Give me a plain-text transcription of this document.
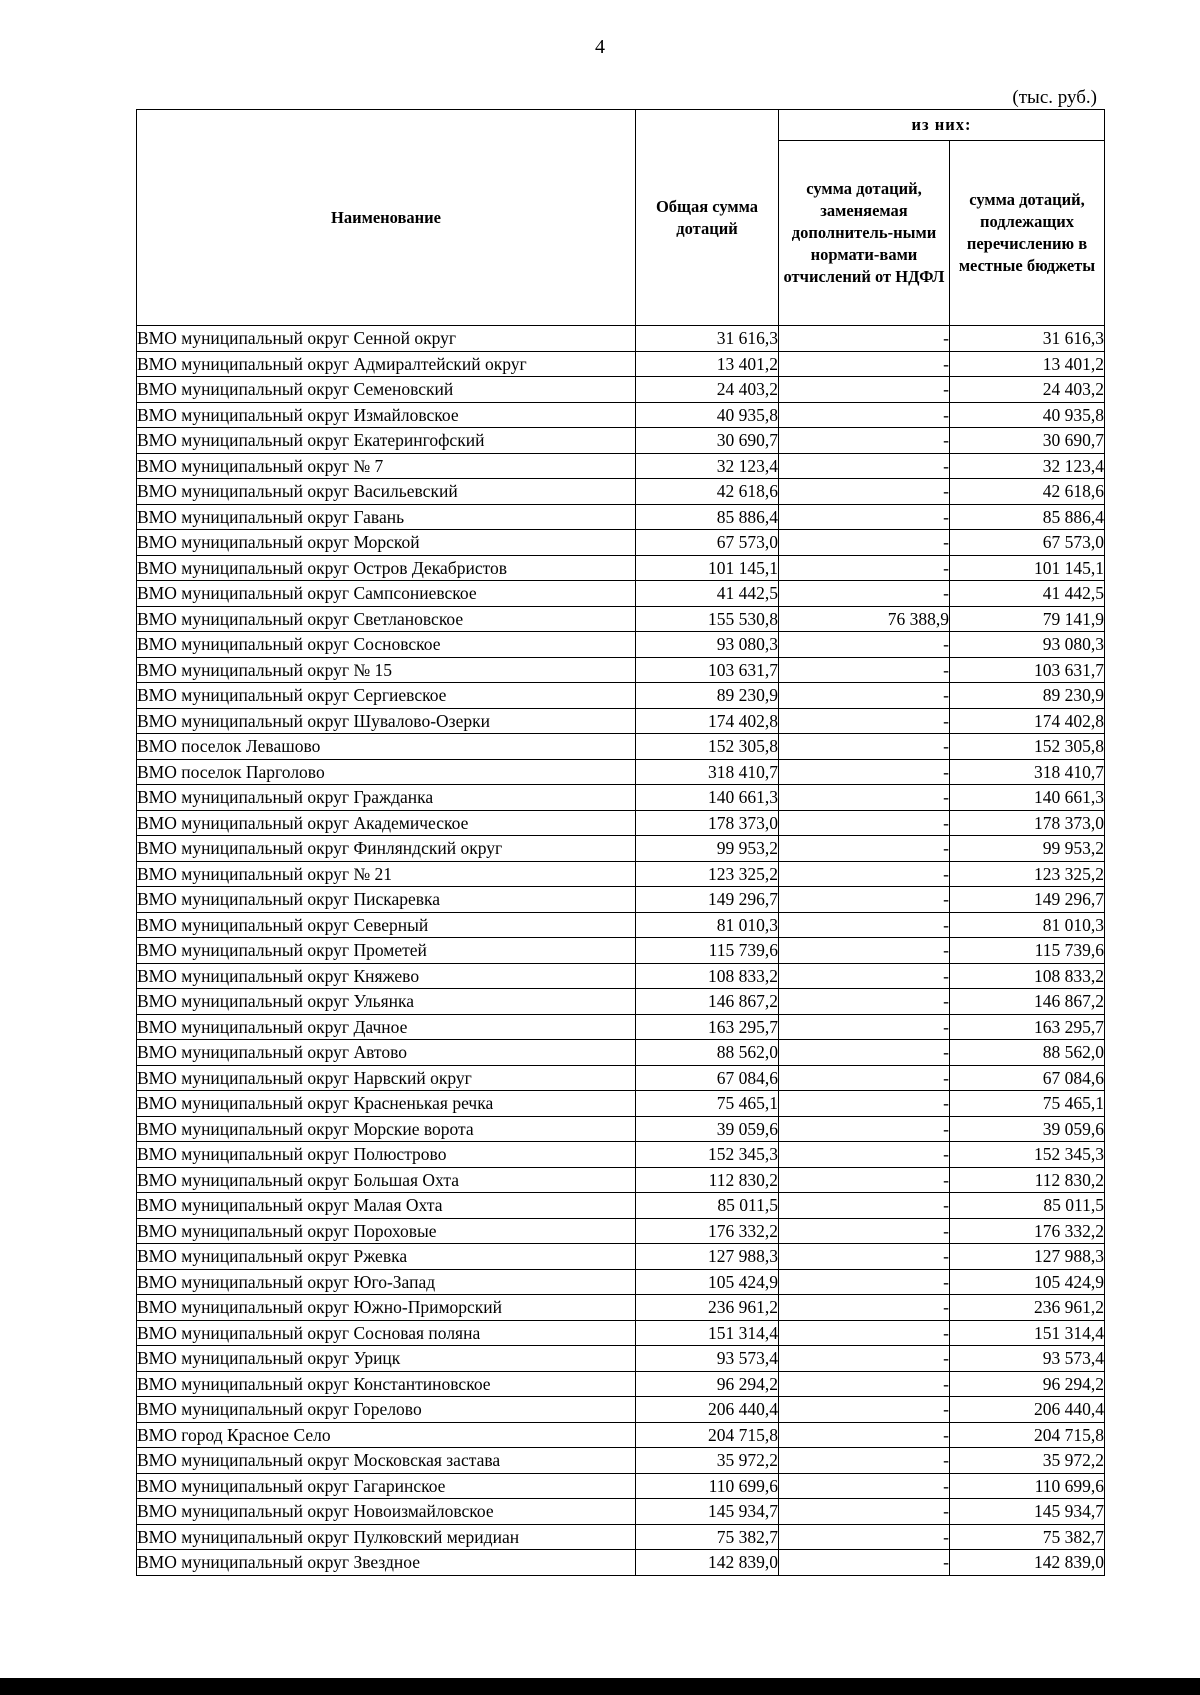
4
(тыс. руб.)
Наименование	Общая сумма дотаций	из них:	
		сумма дотаций, заменяемая дополнитель-ными нормати-вами отчислений от НДФЛ	сумма дотаций, подлежащих перечислению в местные бюджеты
ВМО муниципальный округ Сенной округ	31 616,3	-	31 616,3
ВМО муниципальный округ Адмиралтейский округ	13 401,2	-	13 401,2
ВМО муниципальный округ Семеновский	24 403,2	-	24 403,2
ВМО муниципальный округ Измайловское	40 935,8	-	40 935,8
ВМО муниципальный округ Екатерингофский	30 690,7	-	30 690,7
ВМО муниципальный округ № 7	32 123,4	-	32 123,4
ВМО муниципальный округ Васильевский	42 618,6	-	42 618,6
ВМО муниципальный округ Гавань	85 886,4	-	85 886,4
ВМО муниципальный округ Морской	67 573,0	-	67 573,0
ВМО муниципальный округ Остров Декабристов	101 145,1	-	101 145,1
ВМО муниципальный округ Сампсониевское	41 442,5	-	41 442,5
ВМО муниципальный округ Светлановское	155 530,8	76 388,9	79 141,9
ВМО муниципальный округ Сосновское	93 080,3	-	93 080,3
ВМО муниципальный округ № 15	103 631,7	-	103 631,7
ВМО муниципальный округ Сергиевское	89 230,9	-	89 230,9
ВМО муниципальный округ Шувалово-Озерки	174 402,8	-	174 402,8
ВМО поселок Левашово	152 305,8	-	152 305,8
ВМО поселок Парголово	318 410,7	-	318 410,7
ВМО муниципальный округ Гражданка	140 661,3	-	140 661,3
ВМО муниципальный округ Академическое	178 373,0	-	178 373,0
ВМО муниципальный округ Финляндский округ	99 953,2	-	99 953,2
ВМО муниципальный округ № 21	123 325,2	-	123 325,2
ВМО муниципальный округ Пискаревка	149 296,7	-	149 296,7
ВМО муниципальный округ Северный	81 010,3	-	81 010,3
ВМО муниципальный округ Прометей	115 739,6	-	115 739,6
ВМО муниципальный округ Княжево	108 833,2	-	108 833,2
ВМО муниципальный округ Ульянка	146 867,2	-	146 867,2
ВМО муниципальный округ Дачное	163 295,7	-	163 295,7
ВМО муниципальный округ Автово	88 562,0	-	88 562,0
ВМО муниципальный округ Нарвский округ	67 084,6	-	67 084,6
ВМО муниципальный округ Красненькая речка	75 465,1	-	75 465,1
ВМО муниципальный округ Морские ворота	39 059,6	-	39 059,6
ВМО муниципальный округ Полюстрово	152 345,3	-	152 345,3
ВМО муниципальный округ Большая Охта	112 830,2	-	112 830,2
ВМО муниципальный округ Малая Охта	85 011,5	-	85 011,5
ВМО муниципальный округ Пороховые	176 332,2	-	176 332,2
ВМО муниципальный округ Ржевка	127 988,3	-	127 988,3
ВМО муниципальный округ Юго-Запад	105 424,9	-	105 424,9
ВМО муниципальный округ Южно-Приморский	236 961,2	-	236 961,2
ВМО муниципальный округ Сосновая поляна	151 314,4	-	151 314,4
ВМО муниципальный округ Урицк	93 573,4	-	93 573,4
ВМО муниципальный округ Константиновское	96 294,2	-	96 294,2
ВМО муниципальный округ Горелово	206 440,4	-	206 440,4
ВМО город Красное Село	204 715,8	-	204 715,8
ВМО муниципальный округ Московская застава	35 972,2	-	35 972,2
ВМО муниципальный округ Гагаринское	110 699,6	-	110 699,6
ВМО муниципальный округ Новоизмайловское	145 934,7	-	145 934,7
ВМО муниципальный округ Пулковский меридиан	75 382,7	-	75 382,7
ВМО муниципальный округ Звездное	142 839,0	-	142 839,0
